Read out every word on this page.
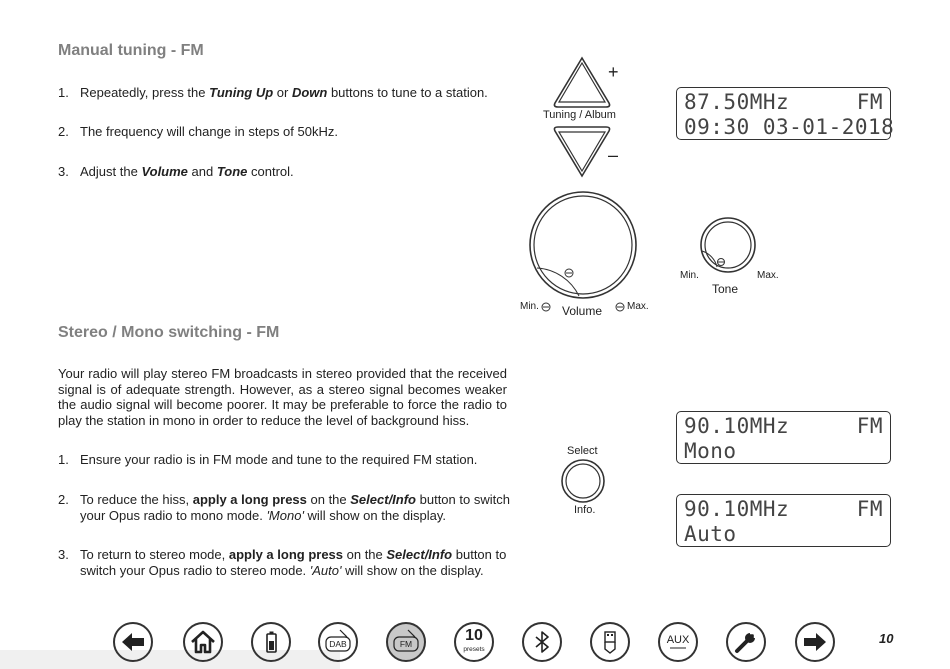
Manual tuning - FM
1. Repeatedly, press the Tuning Up or Down buttons to tune to a station.
2. The frequency will change in steps of 50kHz.
3. Adjust the Volume and Tone control.
Stereo / Mono switching - FM
Your radio will play stereo FM broadcasts in stereo provided that the received signal is of adequate strength. However, as a stereo signal becomes weaker the audio signal will become poorer. It may be preferable to force the radio to play the station in mono in order to reduce the level of background hiss.
1. Ensure your radio is in FM mode and tune to the required FM station.
2. To reduce the hiss, apply a long press on the Select/Info button to switch your Opus radio to mono mode. 'Mono' will show on the display.
3. To return to stereo mode, apply a long press on the Select/Info button to switch your Opus radio to stereo mode. 'Auto' will show on the display.
+
–
Tuning / Album
Min.	Max.
Volume
Min.	Max.
Tone
Select
Info.
87.50MHz	FM
09:30 03-01-2018
90.10MHz	FM
Mono
90.10MHz	FM
Auto
DAB	FM	10
presets
AUX	10
